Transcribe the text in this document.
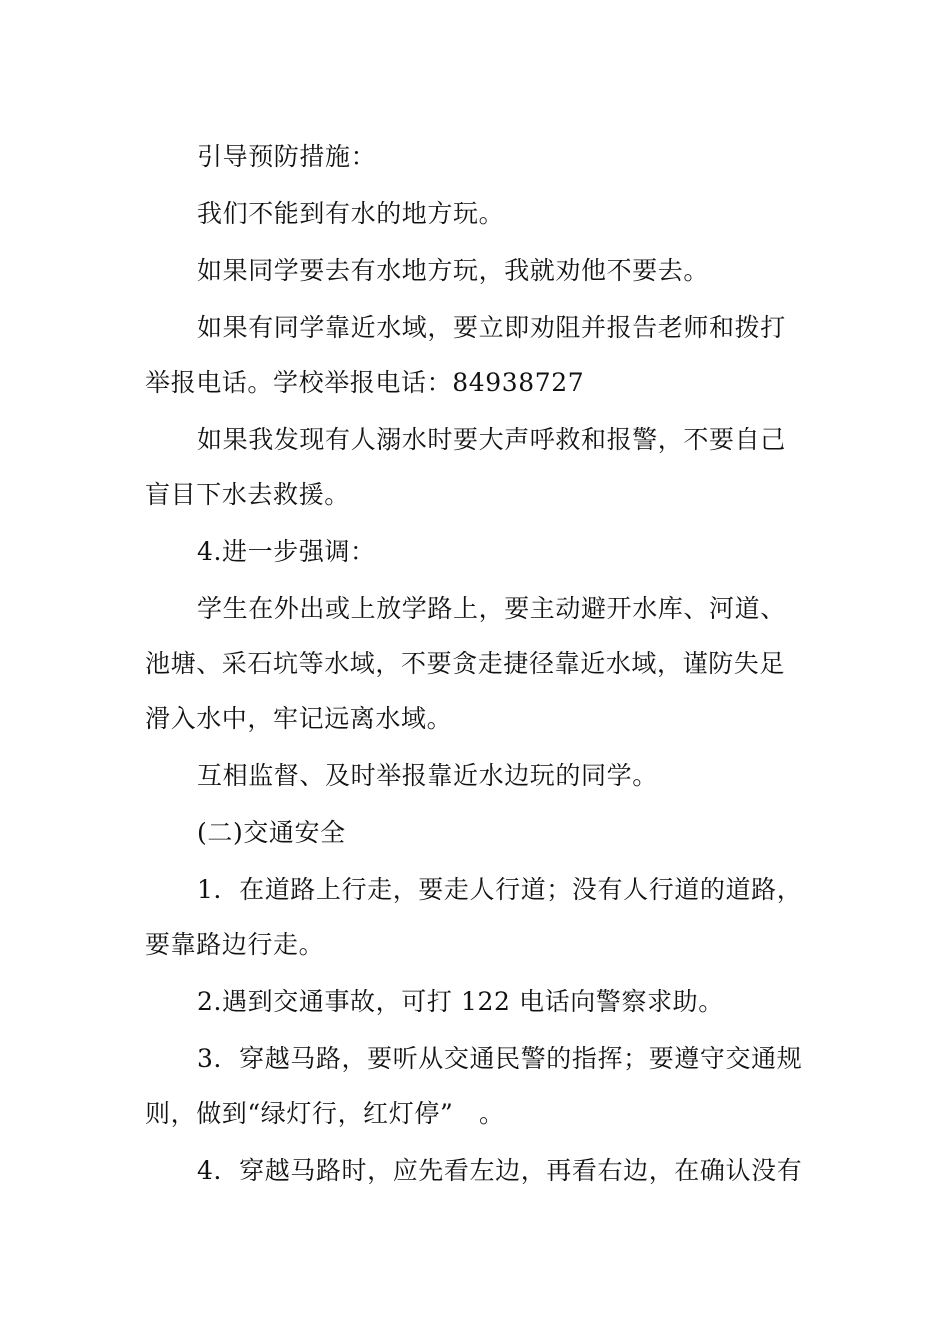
引导预防措施：

我们不能到有水的地方玩。

如果同学要去有水地方玩，我就劝他不要去。

如果有同学靠近水域，要立即劝阻并报告老师和拨打
举报电话。学校举报电话：84938727

如果我发现有人溺水时要大声呼救和报警，不要自己
盲目下水去救援。

4.进一步强调：

学生在外出或上放学路上，要主动避开水库、河道、
池塘、采石坑等水域，不要贪走捷径靠近水域，谨防失足
滑入水中，牢记远离水域。

互相监督、及时举报靠近水边玩的同学。

(二)交通安全

1．在道路上行走，要走人行道；没有人行道的道路，
要靠路边行走。

2.遇到交通事故，可打 122 电话向警察求助。

3．穿越马路，要听从交通民警的指挥；要遵守交通规
则，做到“绿灯行，红灯停”　。

4．穿越马路时，应先看左边，再看右边，在确认没有
